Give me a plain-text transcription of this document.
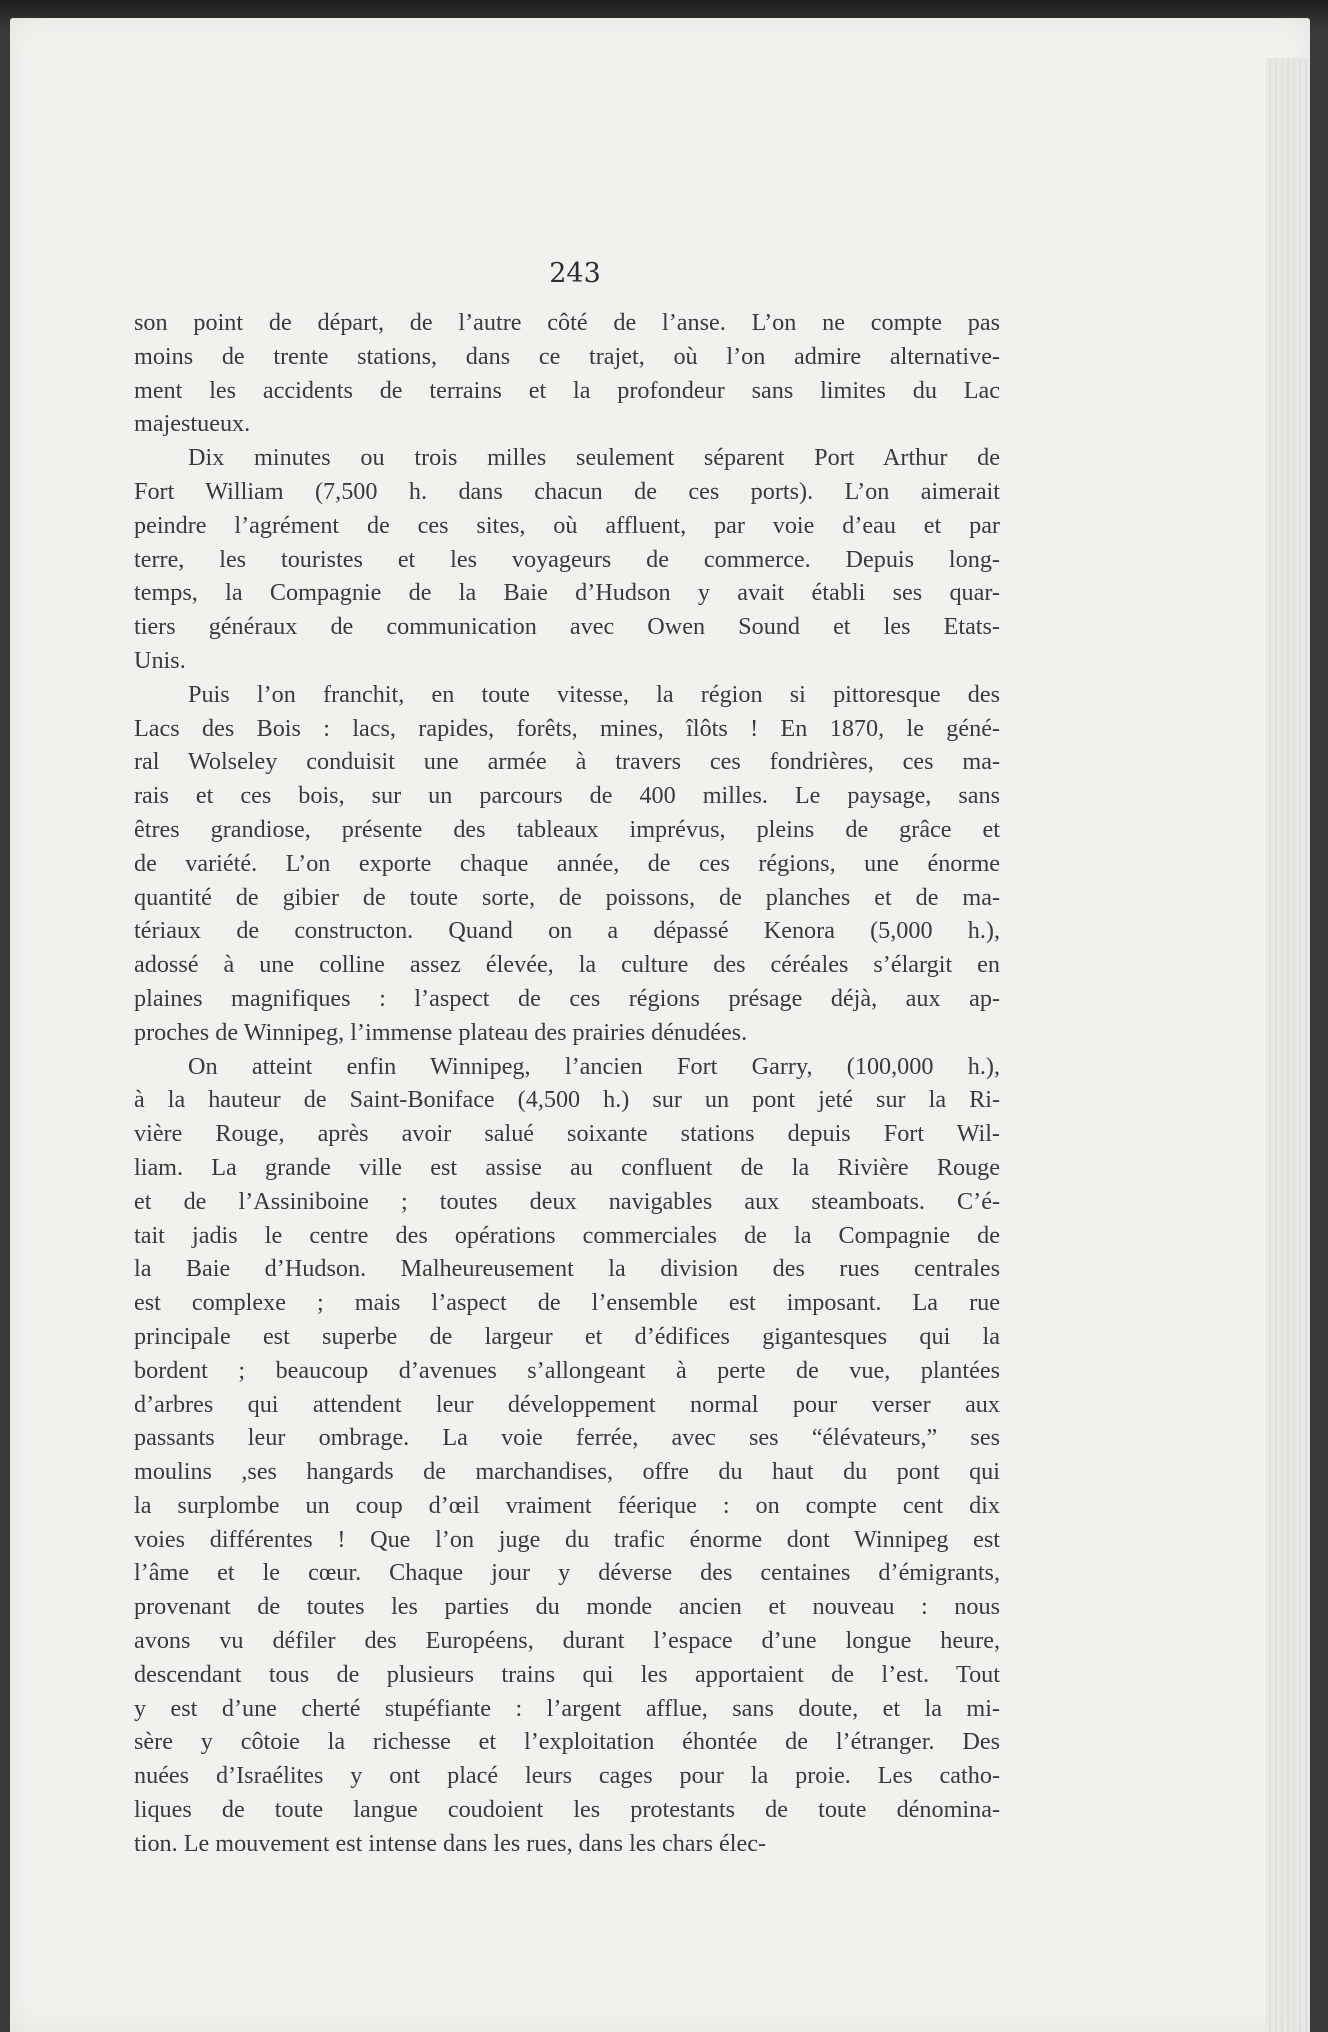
243

son point de départ, de l’autre côté de l’anse. L’on ne compte pas
moins de trente stations, dans ce trajet, où l’on admire alternative-
ment les accidents de terrains et la profondeur sans limites du Lac
majestueux.
Dix minutes ou trois milles seulement séparent Port Arthur de
Fort William (7,500 h. dans chacun de ces ports). L’on aimerait
peindre l’agrément de ces sites, où affluent, par voie d’eau et par
terre, les touristes et les voyageurs de commerce. Depuis long-
temps, la Compagnie de la Baie d’Hudson y avait établi ses quar-
tiers généraux de communication avec Owen Sound et les Etats-
Unis.
Puis l’on franchit, en toute vitesse, la région si pittoresque des
Lacs des Bois : lacs, rapides, forêts, mines, îlôts ! En 1870, le géné-
ral Wolseley conduisit une armée à travers ces fondrières, ces ma-
rais et ces bois, sur un parcours de 400 milles. Le paysage, sans
êtres grandiose, présente des tableaux imprévus, pleins de grâce et
de variété. L’on exporte chaque année, de ces régions, une énorme
quantité de gibier de toute sorte, de poissons, de planches et de ma-
tériaux de constructon. Quand on a dépassé Kenora (5,000 h.),
adossé à une colline assez élevée, la culture des céréales s’élargit en
plaines magnifiques : l’aspect de ces régions présage déjà, aux ap-
proches de Winnipeg, l’immense plateau des prairies dénudées.
On atteint enfin Winnipeg, l’ancien Fort Garry, (100,000 h.),
à la hauteur de Saint-Boniface (4,500 h.) sur un pont jeté sur la Ri-
vière Rouge, après avoir salué soixante stations depuis Fort Wil-
liam. La grande ville est assise au confluent de la Rivière Rouge
et de l’Assiniboine ; toutes deux navigables aux steamboats. C’é-
tait jadis le centre des opérations commerciales de la Compagnie de
la Baie d’Hudson. Malheureusement la division des rues centrales
est complexe ; mais l’aspect de l’ensemble est imposant. La rue
principale est superbe de largeur et d’édifices gigantesques qui la
bordent ; beaucoup d’avenues s’allongeant à perte de vue, plantées
d’arbres qui attendent leur développement normal pour verser aux
passants leur ombrage. La voie ferrée, avec ses “élévateurs,” ses
moulins ,ses hangards de marchandises, offre du haut du pont qui
la surplombe un coup d’œil vraiment féerique : on compte cent dix
voies différentes ! Que l’on juge du trafic énorme dont Winnipeg est
l’âme et le cœur. Chaque jour y déverse des centaines d’émigrants,
provenant de toutes les parties du monde ancien et nouveau : nous
avons vu défiler des Européens, durant l’espace d’une longue heure,
descendant tous de plusieurs trains qui les apportaient de l’est. Tout
y est d’une cherté stupéfiante : l’argent afflue, sans doute, et la mi-
sère y côtoie la richesse et l’exploitation éhontée de l’étranger. Des
nuées d’Israélites y ont placé leurs cages pour la proie. Les catho-
liques de toute langue coudoient les protestants de toute dénomina-
tion. Le mouvement est intense dans les rues, dans les chars élec-
